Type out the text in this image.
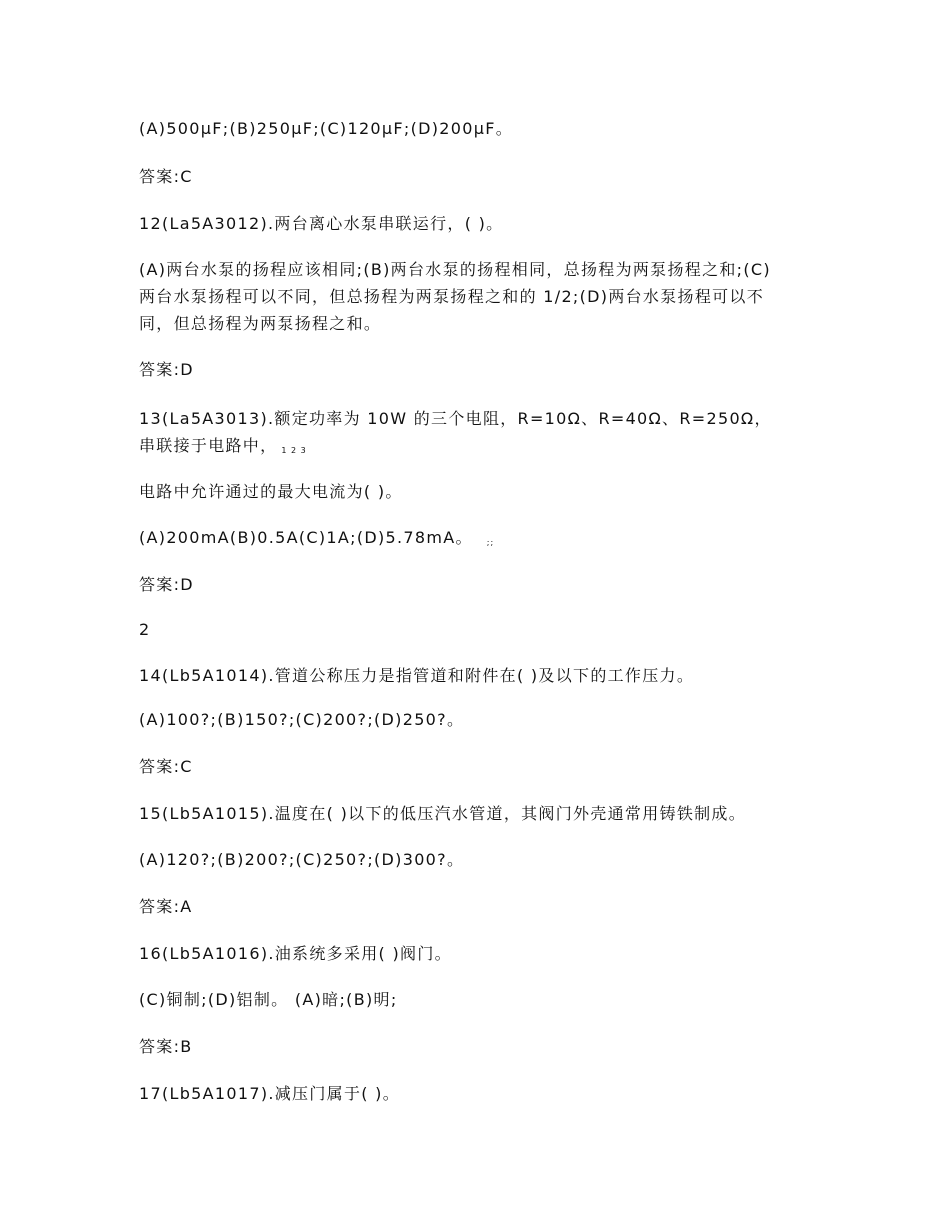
(A)500μF;(B)250μF;(C)120μF;(D)200μF。
答案:C
12(La5A3012).两台离心水泵串联运行，( )。
(A)两台水泵的扬程应该相同;(B)两台水泵的扬程相同，总扬程为两泵扬程之和;(C)
两台水泵扬程可以不同，但总扬程为两泵扬程之和的 1/2;(D)两台水泵扬程可以不
同，但总扬程为两泵扬程之和。
答案:D
13(La5A3013).额定功率为 10W 的三个电阻，R=10Ω、R=40Ω、R=250Ω，
串联接于电路中， 1 2 3
电路中允许通过的最大电流为( )。
(A)200mA(B)0.5A(C)1A;(D)5.78mA。 ;;
答案:D
2
14(Lb5A1014).管道公称压力是指管道和附件在( )及以下的工作压力。
(A)100?;(B)150?;(C)200?;(D)250?。
答案:C
15(Lb5A1015).温度在( )以下的低压汽水管道，其阀门外壳通常用铸铁制成。
(A)120?;(B)200?;(C)250?;(D)300?。
答案:A
16(Lb5A1016).油系统多采用( )阀门。
(C)铜制;(D)铝制。 (A)暗;(B)明;
答案:B
17(Lb5A1017).减压门属于( )。
